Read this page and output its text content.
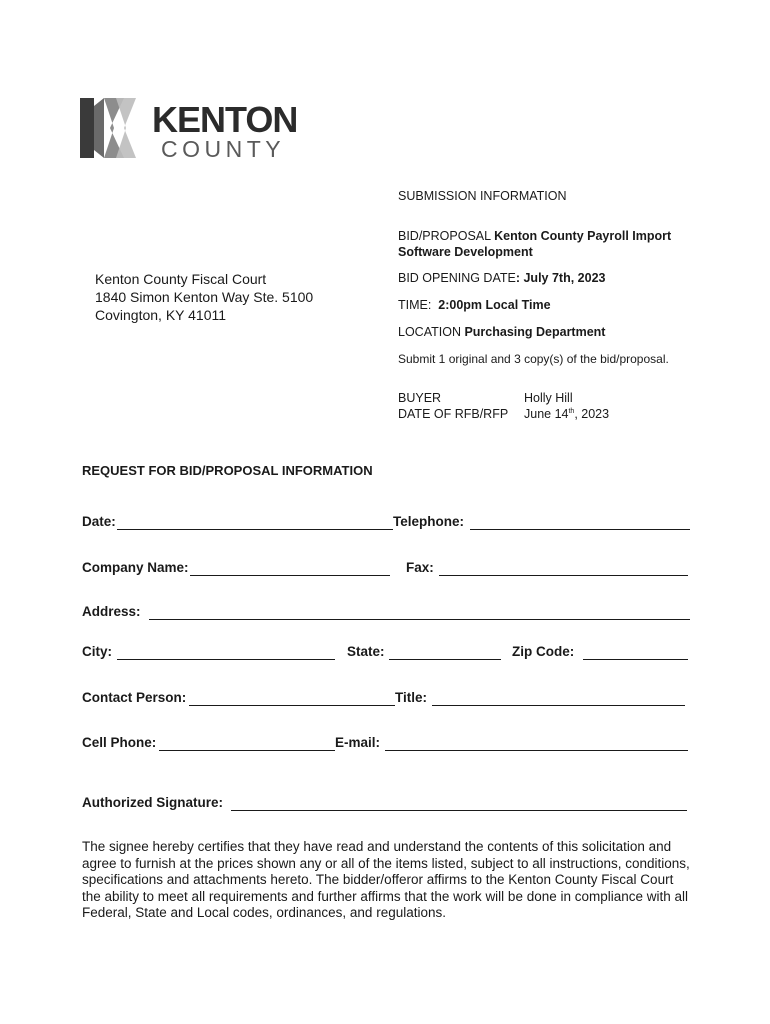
KENTON
COUNTY
Kenton County Fiscal Court
1840 Simon Kenton Way Ste. 5100
Covington, KY 41011
SUBMISSION INFORMATION
BID/PROPOSAL Kenton County Payroll Import
Software Development
BID OPENING DATE: July 7th, 2023
TIME:  2:00pm Local Time
LOCATION Purchasing Department
Submit 1 original and 3 copy(s) of the bid/proposal.
BUYER	Holly Hill
DATE OF RFB/RFP June 14th, 2023
REQUEST FOR BID/PROPOSAL INFORMATION
Date:	Telephone:
Company Name:	Fax:
Address:
City:	State:	Zip Code:
Contact Person:	Title:
Cell Phone:	E-mail:
Authorized Signature:
The signee hereby certifies that they have read and understand the contents of this solicitation and agree to furnish at the prices shown any or all of the items listed, subject to all instructions, conditions, specifications and attachments hereto. The bidder/offeror affirms to the Kenton County Fiscal Court the ability to meet all requirements and further affirms that the work will be done in compliance with all Federal, State and Local codes, ordinances, and regulations.
